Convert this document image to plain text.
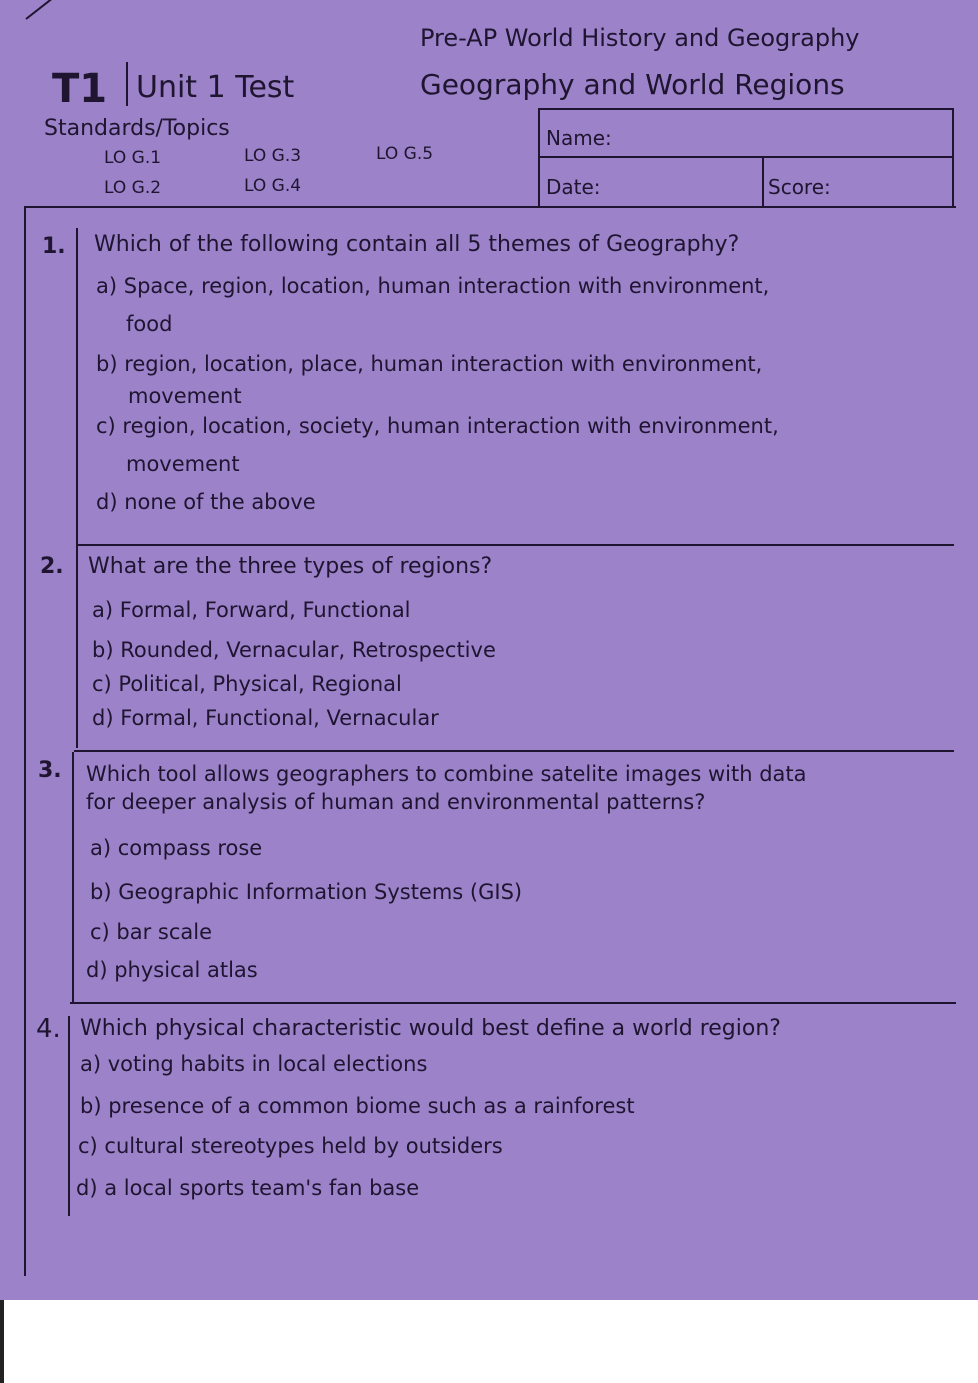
T1 Unit 1 Test
Pre-AP World History and Geography
Geography and World Regions
Standards/Topics
LO G.1	LO G.3	LO G.5
LO G.2	LO G.4
Name:
Date:	Score:
1. Which of the following contain all 5 themes of Geography?
a) Space, region, location, human interaction with environment,
food
b) region, location, place, human interaction with environment,
movement
c) region, location, society, human interaction with environment,
movement
d) none of the above
2. What are the three types of regions?
a) Formal, Forward, Functional
b) Rounded, Vernacular, Retrospective
c) Political, Physical, Regional
d) Formal, Functional, Vernacular
3. Which tool allows geographers to combine satelite images with data
for deeper analysis of human and environmental patterns?
a) compass rose
b) Geographic Information Systems (GIS)
c) bar scale
d) physical atlas
4. Which physical characteristic would best define a world region?
a) voting habits in local elections
b) presence of a common biome such as a rainforest
c) cultural stereotypes held by outsiders
d) a local sports team's fan base
